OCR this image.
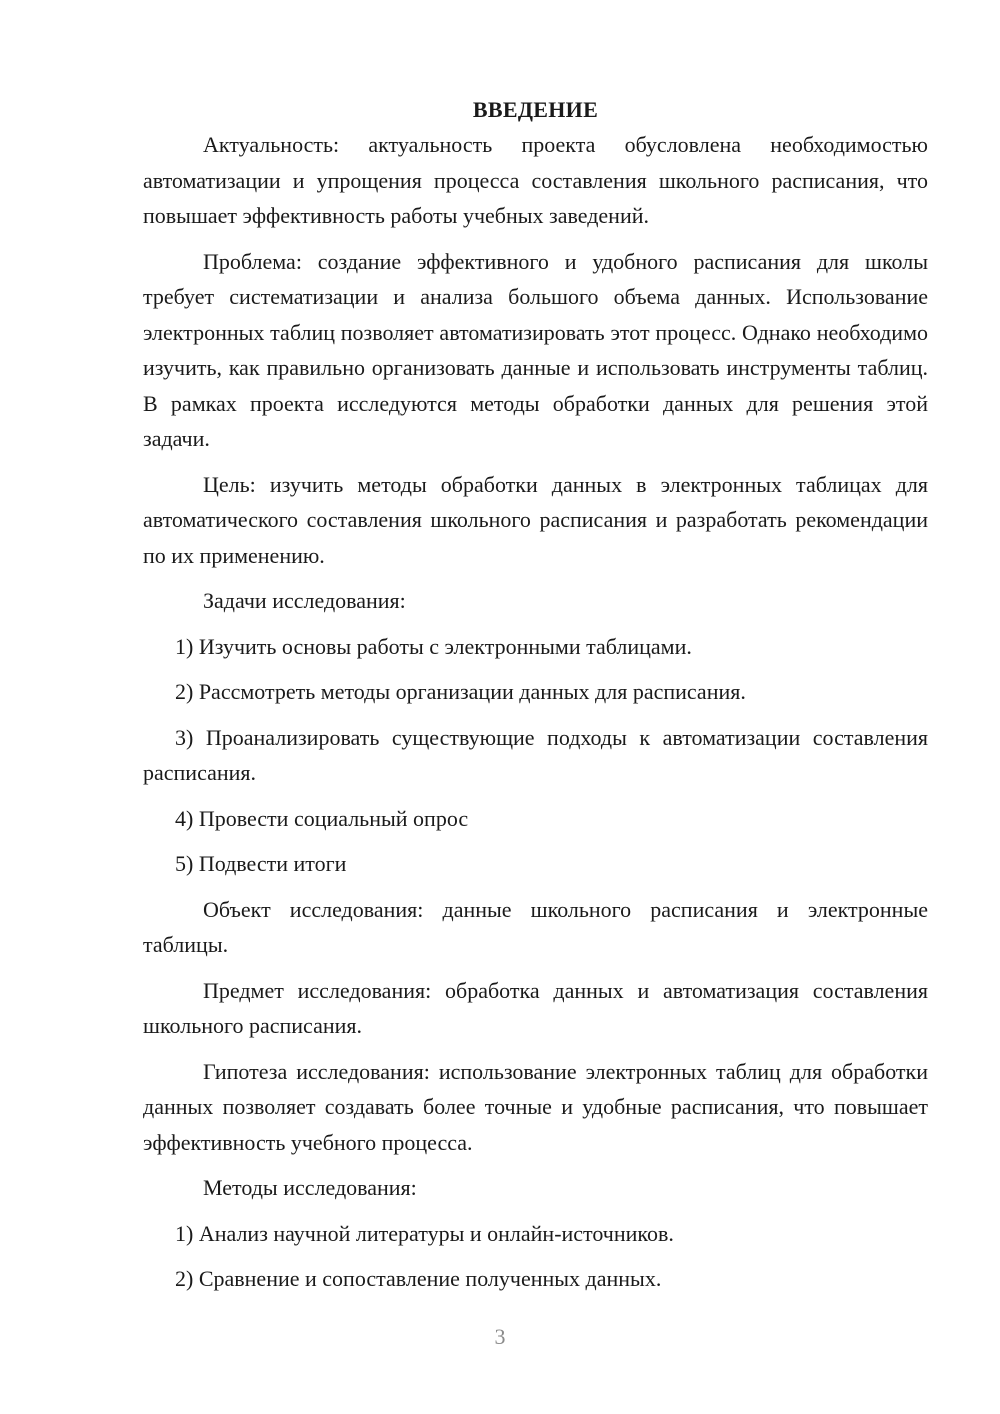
ВВЕДЕНИЕ
Актуальность: актуальность проекта обусловлена необходимостью автоматизации и упрощения процесса составления школьного расписания, что повышает эффективность работы учебных заведений.
Проблема: создание эффективного и удобного расписания для школы требует систематизации и анализа большого объема данных. Использование электронных таблиц позволяет автоматизировать этот процесс. Однако необходимо изучить, как правильно организовать данные и использовать инструменты таблиц. В рамках проекта исследуются методы обработки данных для решения этой задачи.
Цель: изучить методы обработки данных в электронных таблицах для автоматического составления школьного расписания и разработать рекомендации по их применению.
Задачи исследования:
1) Изучить основы работы с электронными таблицами.
2) Рассмотреть методы организации данных для расписания.
3) Проанализировать существующие подходы к автоматизации составления расписания.
4) Провести социальный опрос
5) Подвести итоги
Объект исследования: данные школьного расписания и электронные таблицы.
Предмет исследования: обработка данных и автоматизация составления школьного расписания.
Гипотеза исследования: использование электронных таблиц для обработки данных позволяет создавать более точные и удобные расписания, что повышает эффективность учебного процесса.
Методы исследования:
1) Анализ научной литературы и онлайн-источников.
2) Сравнение и сопоставление полученных данных.
3
